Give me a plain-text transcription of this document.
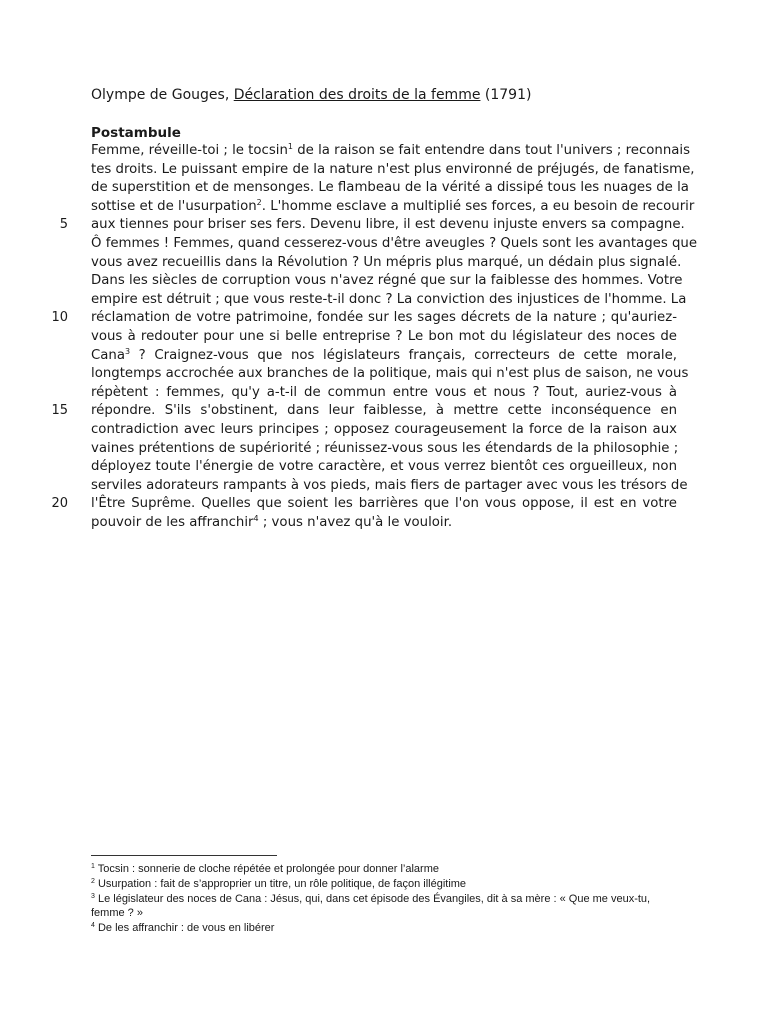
Olympe de Gouges, Déclaration des droits de la femme (1791)
Postambule
Femme, réveille-toi ; le tocsin$^1$ de la raison se fait entendre dans tout l'univers ; reconnais
tes droits. Le puissant empire de la nature n'est plus environné de préjugés, de fanatisme,
de superstition et de mensonges. Le flambeau de la vérité a dissipé tous les nuages de la
sottise et de l'usurpation$^2$. L'homme esclave a multiplié ses forces, a eu besoin de recourir
aux tiennes pour briser ses fers. Devenu libre, il est devenu injuste envers sa compagne.
Ô femmes ! Femmes, quand cesserez-vous d'être aveugles ? Quels sont les avantages que
vous avez recueillis dans la Révolution ? Un mépris plus marqué, un dédain plus signalé.
Dans les siècles de corruption vous n'avez régné que sur la faiblesse des hommes. Votre
empire est détruit ; que vous reste-t-il donc ? La conviction des injustices de l'homme. La
réclamation de votre patrimoine, fondée sur les sages décrets de la nature ; qu'auriez-
vous à redouter pour une si belle entreprise ? Le bon mot du législateur des noces de
Cana$^3$ ? Craignez-vous que nos législateurs français, correcteurs de cette morale,
longtemps accrochée aux branches de la politique, mais qui n'est plus de saison, ne vous
répètent : femmes, qu'y a-t-il de commun entre vous et nous ? Tout, auriez-vous à
répondre. S'ils s'obstinent, dans leur faiblesse, à mettre cette inconséquence en
contradiction avec leurs principes ; opposez courageusement la force de la raison aux
vaines prétentions de supériorité ; réunissez-vous sous les étendards de la philosophie ;
déployez toute l'énergie de votre caractère, et vous verrez bientôt ces orgueilleux, non
serviles adorateurs rampants à vos pieds, mais fiers de partager avec vous les trésors de
l'Être Suprême. Quelles que soient les barrières que l'on vous oppose, il est en votre
pouvoir de les affranchir$^4$ ; vous n'avez qu'à le vouloir.
5
10
15
20
$^1$ Tocsin : sonnerie de cloche répétée et prolongée pour donner l’alarme
$^2$ Usurpation : fait de s’approprier un titre, un rôle politique, de façon illégitime
$^3$ Le législateur des noces de Cana : Jésus, qui, dans cet épisode des Évangiles, dit à sa mère : « Que me veux-tu,
femme ? »
$^4$ De les affranchir : de vous en libérer
